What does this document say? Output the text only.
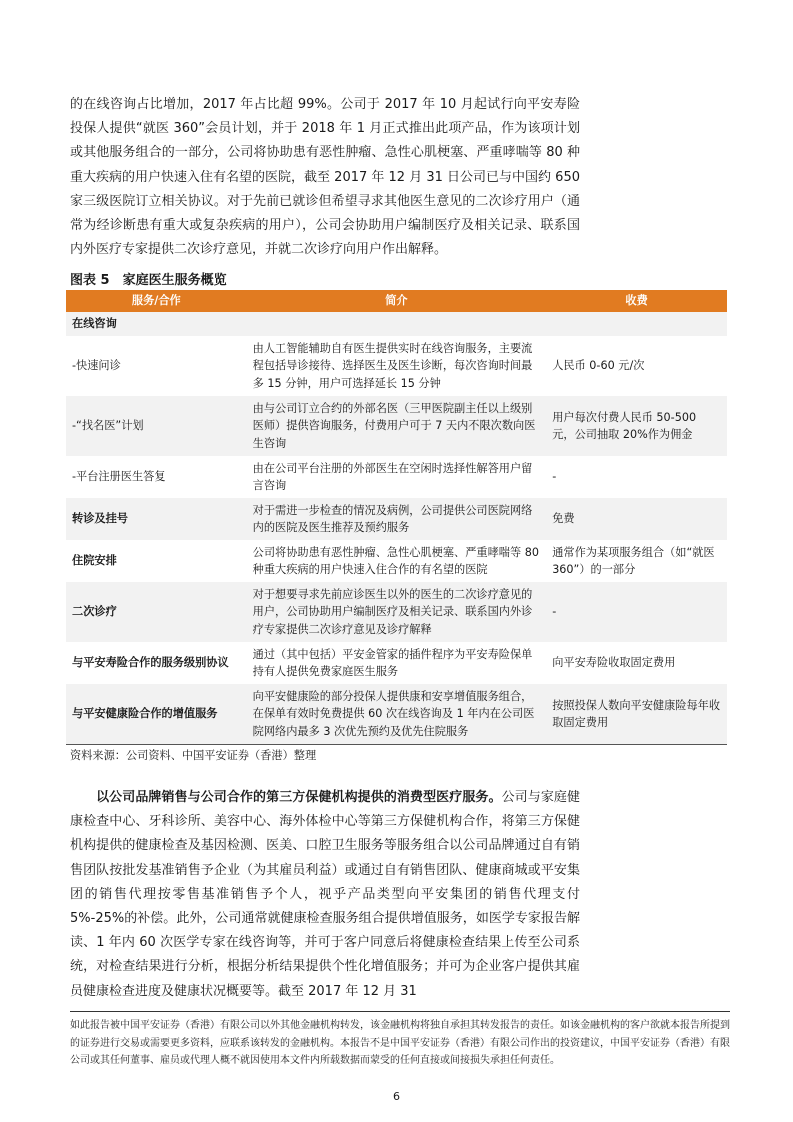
的在线咨询占比增加，2017 年占比超 99%。公司于 2017 年 10 月起试行向平安寿险投保人提供“就医 360”会员计划，并于 2018 年 1 月正式推出此项产品，作为该项计划或其他服务组合的一部分，公司将协助患有恶性肿瘤、急性心肌梗塞、严重哮喘等 80 种重大疾病的用户快速入住有名望的医院，截至 2017 年 12 月 31 日公司已与中国约 650 家三级医院订立相关协议。对于先前已就诊但希望寻求其他医生意见的二次诊疗用户（通常为经诊断患有重大或复杂疾病的用户），公司会协助用户编制医疗及相关记录、联系国内外医疗专家提供二次诊疗意见，并就二次诊疗向用户作出解释。
图表 5　家庭医生服务概览
服务/合作	简介	收费
在线咨询		
-快速问诊	由人工智能辅助自有医生提供实时在线咨询服务，主要流程包括导诊接待、选择医生及医生诊断，每次咨询时间最多 15 分钟，用户可选择延长 15 分钟	人民币 0-60 元/次
-“找名医”计划	由与公司订立合约的外部名医（三甲医院副主任以上级别医师）提供咨询服务，付费用户可于 7 天内不限次数向医生咨询	用户每次付费人民币 50-500 元，公司抽取 20%作为佣金
-平台注册医生答复	由在公司平台注册的外部医生在空闲时选择性解答用户留言咨询	-
转诊及挂号	对于需进一步检查的情况及病例，公司提供公司医院网络内的医院及医生推荐及预约服务	免费
住院安排	公司将协助患有恶性肿瘤、急性心肌梗塞、严重哮喘等 80 种重大疾病的用户快速入住合作的有名望的医院	通常作为某项服务组合（如“就医 360”）的一部分
二次诊疗	对于想要寻求先前应诊医生以外的医生的二次诊疗意见的用户，公司协助用户编制医疗及相关记录、联系国内外诊疗专家提供二次诊疗意见及诊疗解释	-
与平安寿险合作的服务级别协议	通过（其中包括）平安金管家的插件程序为平安寿险保单持有人提供免费家庭医生服务	向平安寿险收取固定费用
与平安健康险合作的增值服务	向平安健康险的部分投保人提供康和安享增值服务组合，在保单有效时免费提供 60 次在线咨询及 1 年内在公司医院网络内最多 3 次优先预约及优先住院服务	按照投保人数向平安健康险每年收取固定费用
资料来源：公司资料、中国平安证券（香港）整理
以公司品牌销售与公司合作的第三方保健机构提供的消费型医疗服务。公司与家庭健康检查中心、牙科诊所、美容中心、海外体检中心等第三方保健机构合作，将第三方保健机构提供的健康检查及基因检测、医美、口腔卫生服务等服务组合以公司品牌通过自有销售团队按批发基准销售予企业（为其雇员利益）或通过自有销售团队、健康商城或平安集团的销售代理按零售基准销售予个人，视乎产品类型向平安集团的销售代理支付 5%-25%的补偿。此外，公司通常就健康检查服务组合提供增值服务，如医学专家报告解读、1 年内 60 次医学专家在线咨询等，并可于客户同意后将健康检查结果上传至公司系统，对检查结果进行分析，根据分析结果提供个性化增值服务；并可为企业客户提供其雇员健康检查进度及健康状况概要等。截至 2017 年 12 月 31
如此报告被中国平安证券（香港）有限公司以外其他金融机构转发，该金融机构将独自承担其转发报告的责任。如该金融机构的客户欲就本报告所提到的证券进行交易或需要更多资料，应联系该转发的金融机构。本报告不是中国平安证券（香港）有限公司作出的投资建议，中国平安证券（香港）有限公司或其任何董事、雇员或代理人概不就因使用本文件内所载数据而蒙受的任何直接或间接损失承担任何责任。
6
